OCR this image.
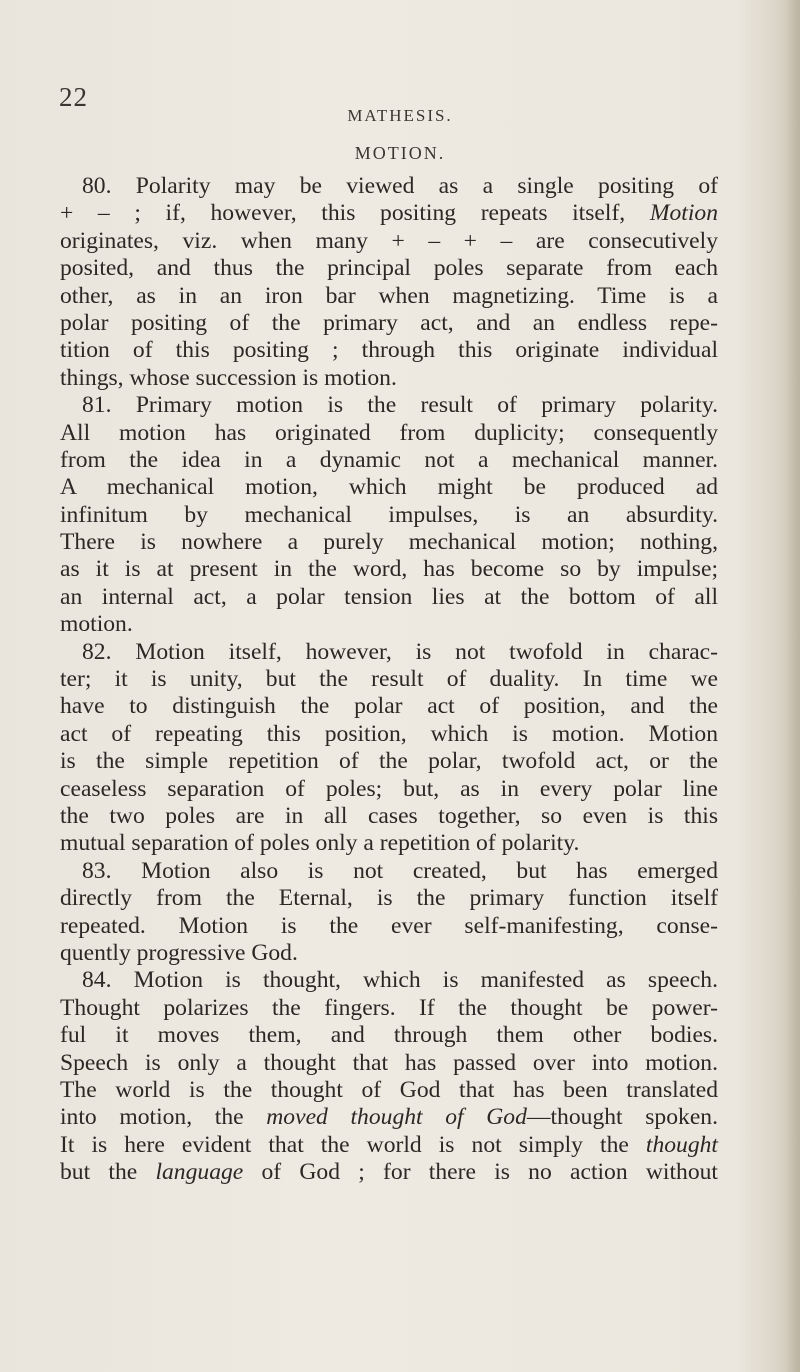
22
MATHESIS.
MOTION.
80. Polarity may be viewed as a single positing of
+ – ; if, however, this positing repeats itself, Motion
originates, viz. when many + – + – are consecutively
posited, and thus the principal poles separate from each
other, as in an iron bar when magnetizing. Time is a
polar positing of the primary act, and an endless repe-
tition of this positing ; through this originate individual
things, whose succession is motion.
81. Primary motion is the result of primary polarity.
All motion has originated from duplicity; consequently
from the idea in a dynamic not a mechanical manner.
A mechanical motion, which might be produced ad
infinitum by mechanical impulses, is an absurdity.
There is nowhere a purely mechanical motion; nothing,
as it is at present in the word, has become so by impulse;
an internal act, a polar tension lies at the bottom of all
motion.
82. Motion itself, however, is not twofold in charac-
ter; it is unity, but the result of duality. In time we
have to distinguish the polar act of position, and the
act of repeating this position, which is motion. Motion
is the simple repetition of the polar, twofold act, or the
ceaseless separation of poles; but, as in every polar line
the two poles are in all cases together, so even is this
mutual separation of poles only a repetition of polarity.
83. Motion also is not created, but has emerged
directly from the Eternal, is the primary function itself
repeated. Motion is the ever self-manifesting, conse-
quently progressive God.
84. Motion is thought, which is manifested as speech.
Thought polarizes the fingers. If the thought be power-
ful it moves them, and through them other bodies.
Speech is only a thought that has passed over into motion.
The world is the thought of God that has been translated
into motion, the moved thought of God—thought spoken.
It is here evident that the world is not simply the thought
but the language of God ; for there is no action without
